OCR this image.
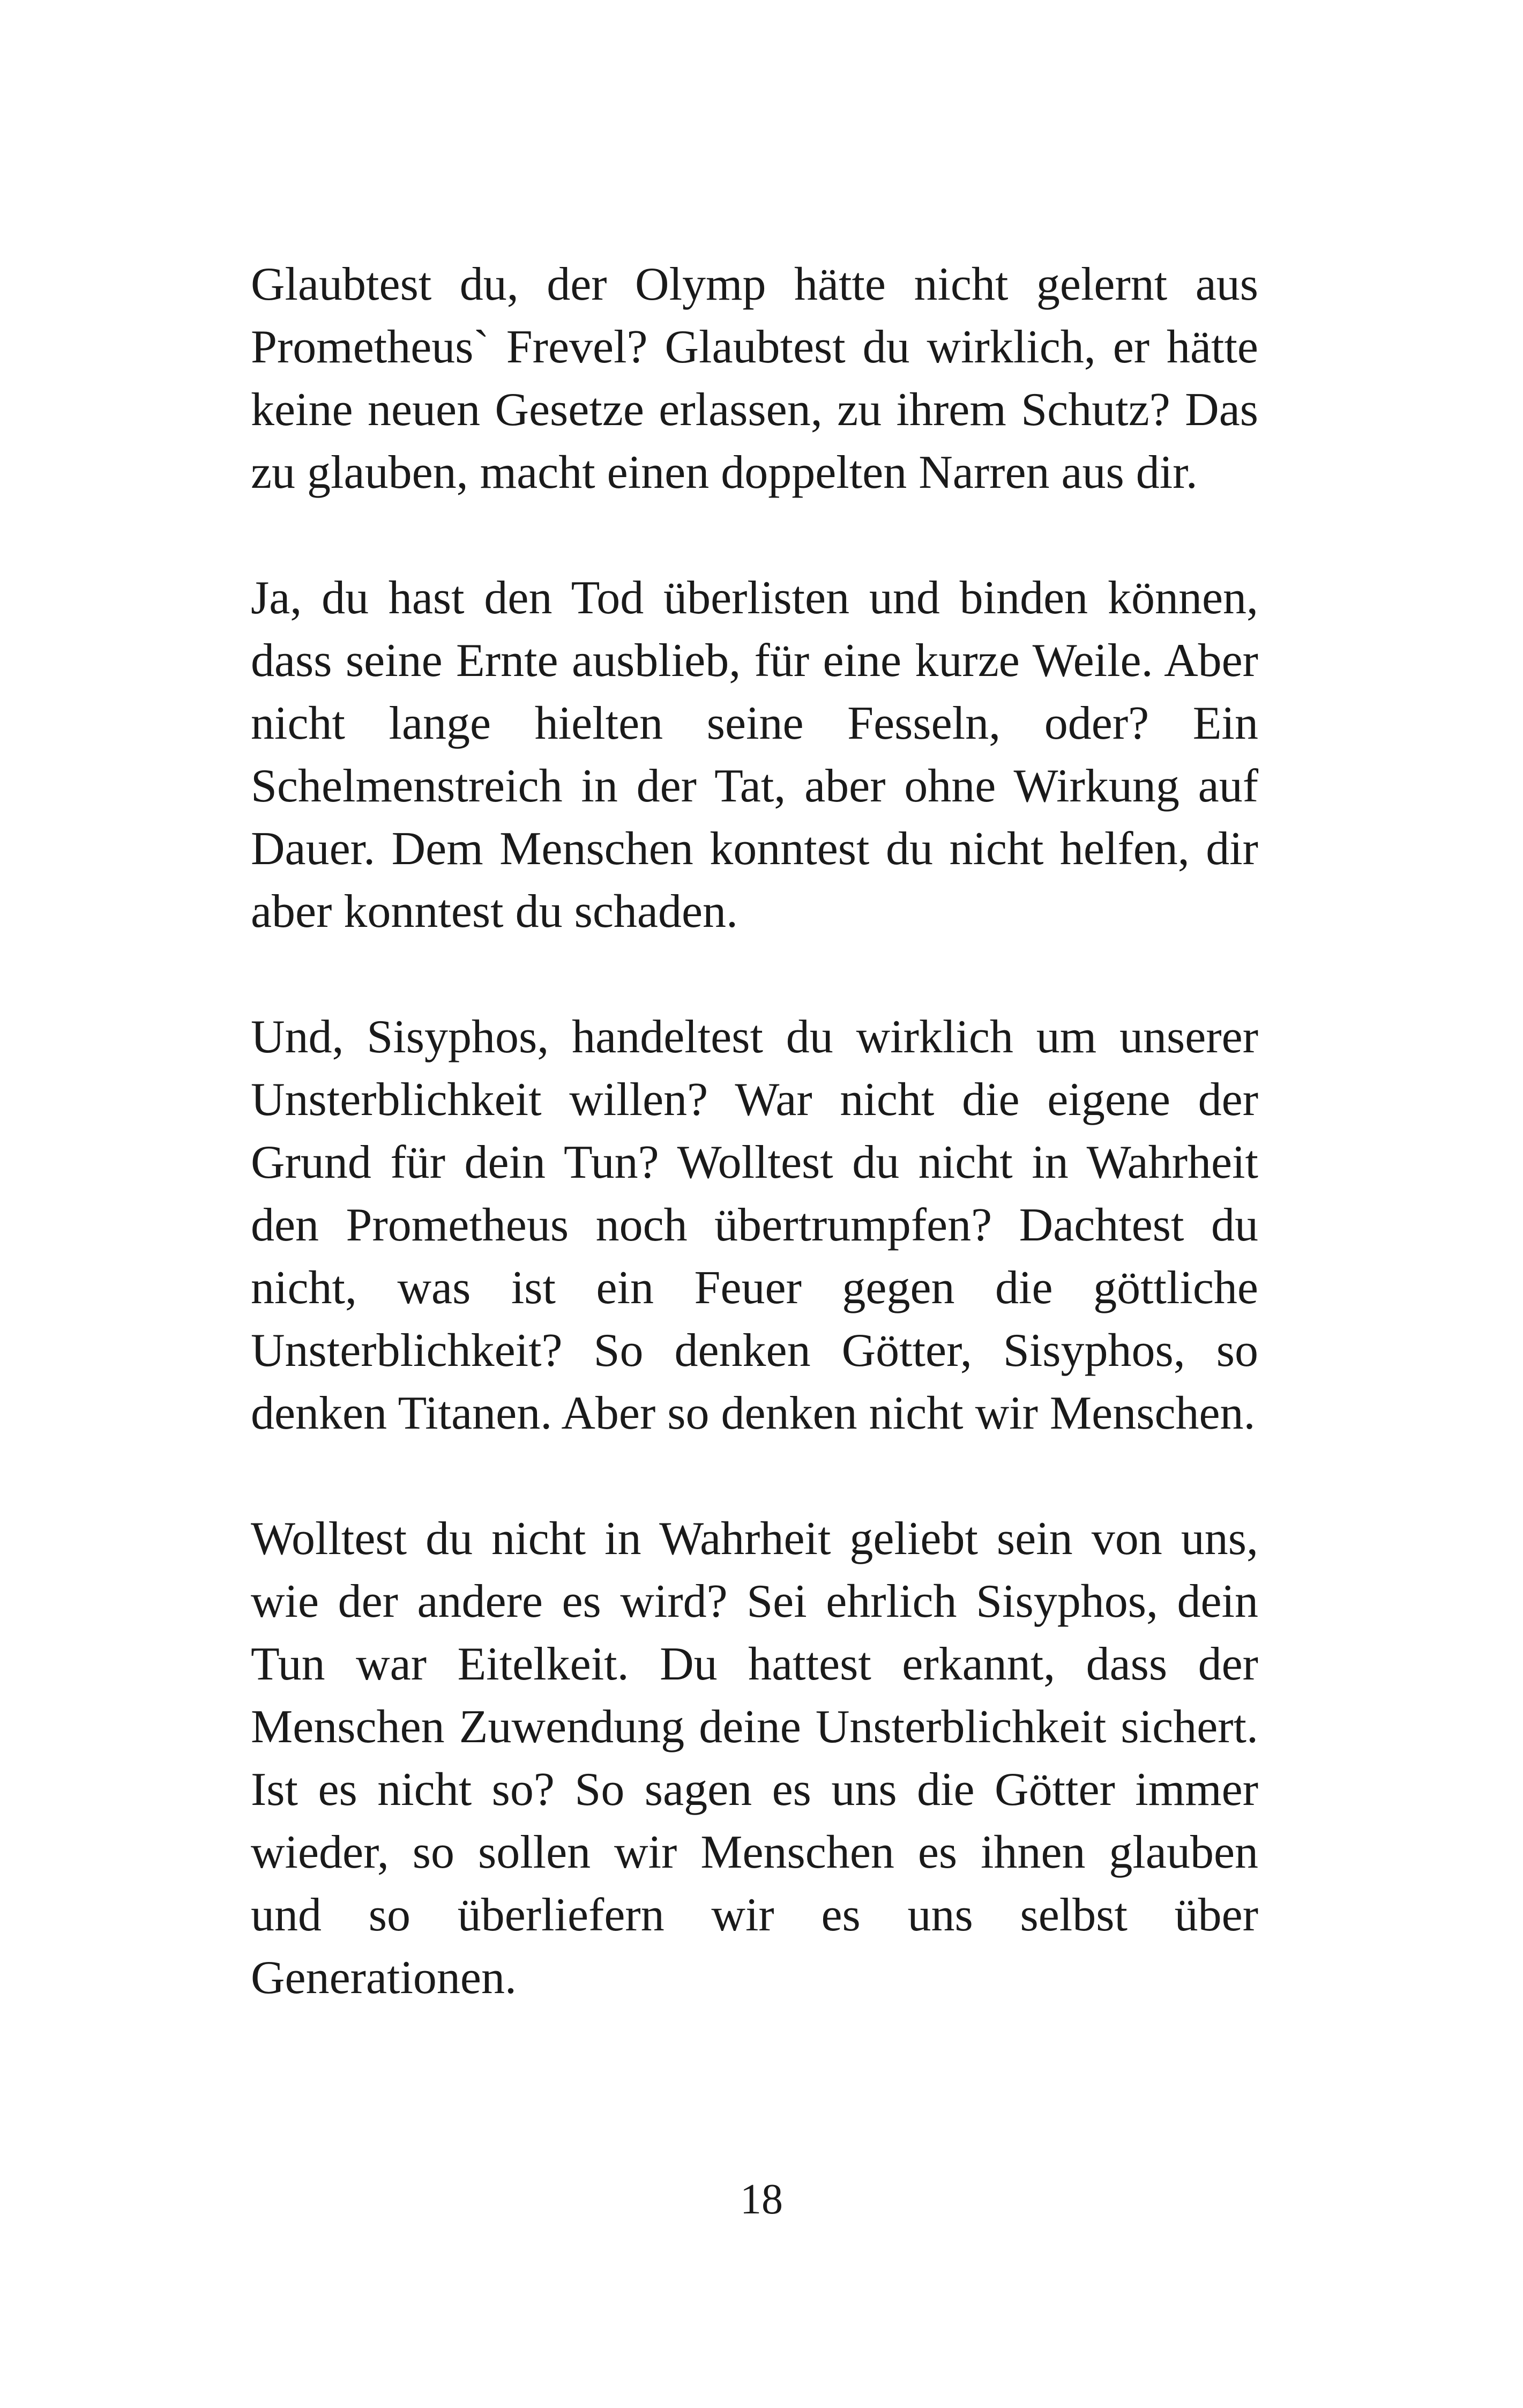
Glaubtest du, der Olymp hätte nicht gelernt aus Prometheus` Frevel? Glaubtest du wirklich, er hätte keine neuen Gesetze erlassen, zu ihrem Schutz? Das zu glauben, macht einen doppelten Narren aus dir.

Ja, du hast den Tod überlisten und binden können, dass seine Ernte ausblieb, für eine kurze Weile. Aber nicht lange hielten seine Fesseln, oder? Ein Schelmenstreich in der Tat, aber ohne Wirkung auf Dauer. Dem Menschen konntest du nicht helfen, dir aber konntest du schaden.

Und, Sisyphos, handeltest du wirklich um unserer Unsterblichkeit willen? War nicht die eigene der Grund für dein Tun? Wolltest du nicht in Wahrheit den Prometheus noch übertrumpfen? Dachtest du nicht, was ist ein Feuer gegen die göttliche Unsterblichkeit? So denken Götter, Sisyphos, so denken Titanen. Aber so denken nicht wir Menschen.

Wolltest du nicht in Wahrheit geliebt sein von uns, wie der andere es wird? Sei ehrlich Sisyphos, dein Tun war Eitelkeit. Du hattest erkannt, dass der Menschen Zuwendung deine Unsterblichkeit sichert. Ist es nicht so? So sagen es uns die Götter immer wieder, so sollen wir Menschen es ihnen glauben und so überliefern wir es uns selbst über Generationen.

18
